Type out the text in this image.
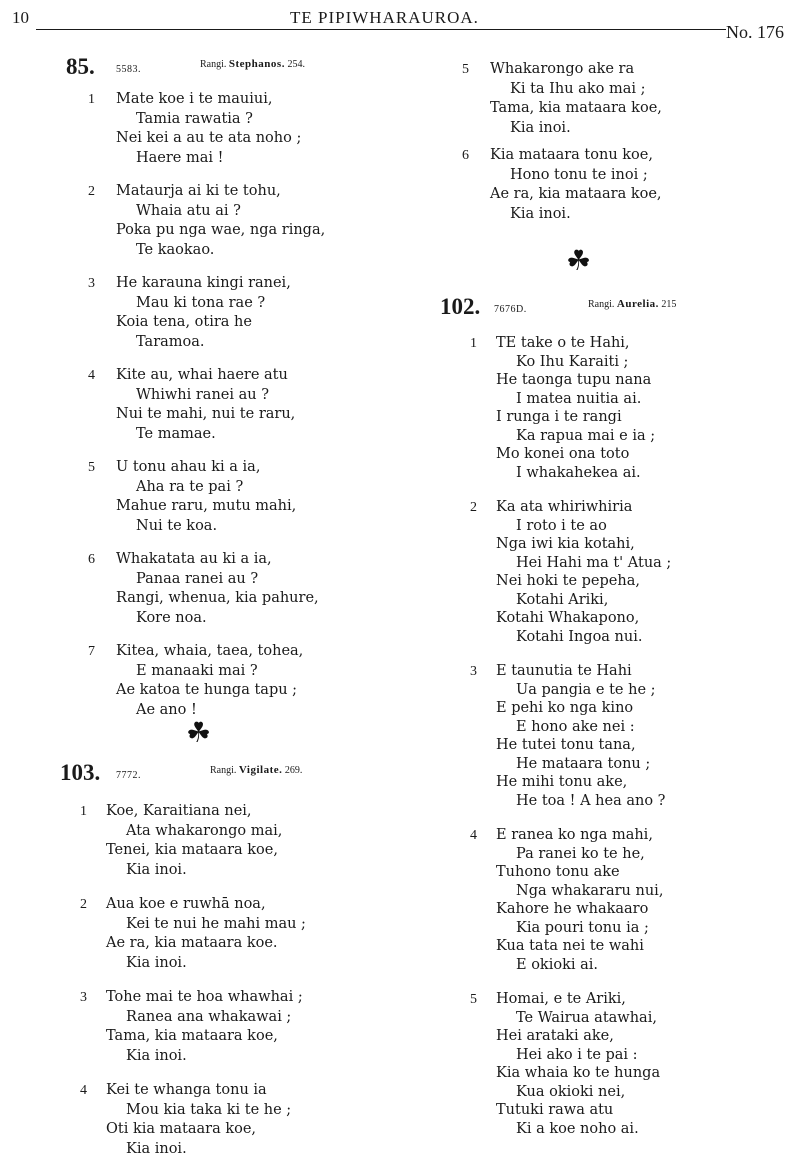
10	TE PIPIWHARAUROA.
No. 176
85. 5583.	Rangi. Stephanos. 254.
1 Mate koe i te mauiui,
Tamia rawatia ?
Nei kei a au te ata noho ;
Haere mai !
2 Mataurja ai ki te tohu,
Whaia atu ai ?
Poka pu nga wae, nga ringa,
Te kaokao.
3 He karauna kingi ranei,
Mau ki tona rae ?
Koia tena, otira he
Taramoa.
4 Kite au, whai haere atu
Whiwhi ranei au ?
Nui te mahi, nui te raru,
Te mamae.
5 U tonu ahau ki a ia,
Aha ra te pai ?
Mahue raru, mutu mahi,
Nui te koa.
6 Whakatata au ki a ia,
Panaa ranei au ?
Rangi, whenua, kia pahure,
Kore noa.
7 Kitea, whaia, taea, tohea,
E manaaki mai ?
Ae katoa te hunga tapu ;
Ae ano !
☘
103. 7772.	Rangi. Vigilate. 269.
1 Koe, Karaitiana nei,
Ata whakarongo mai,
Tenei, kia mataara koe,
Kia inoi.
2 Aua koe e ruwhā noa,
Kei te nui he mahi mau ;
Ae ra, kia mataara koe.
Kia inoi.
3 Tohe mai te hoa whawhai ;
Ranea ana whakawai ;
Tama, kia mataara koe,
Kia inoi.
4 Kei te whanga tonu ia
Mou kia taka ki te he ;
Oti kia mataara koe,
Kia inoi.
5 Whakarongo ake ra
Ki ta Ihu ako mai ;
Tama, kia mataara koe,
Kia inoi.
6 Kia mataara tonu koe,
Hono tonu te inoi ;
Ae ra, kia mataara koe,
Kia inoi.
☘
102. 7676D.	Rangi. Aurelia. 215
1 TE take o te Hahi,
Ko Ihu Karaiti ;
He taonga tupu nana
I matea nuitia ai.
I runga i te rangi
Ka rapua mai e ia ;
Mo konei ona toto
I whakahekea ai.
2 Ka ata whiriwhiria
I roto i te ao
Nga iwi kia kotahi,
Hei Hahi ma t' Atua ;
Nei hoki te pepeha,
Kotahi Ariki,
Kotahi Whakapono,
Kotahi Ingoa nui.
3 E taunutia te Hahi
Ua pangia e te he ;
E pehi ko nga kino
E hono ake nei :
He tutei tonu tana,
He mataara tonu ;
He mihi tonu ake,
He toa ! A hea ano ?
4 E ranea ko nga mahi,
Pa ranei ko te he,
Tuhono tonu ake
Nga whakararu nui,
Kahore he whakaaro
Kia pouri tonu ia ;
Kua tata nei te wahi
E okioki ai.
5 Homai, e te Ariki,
Te Wairua atawhai,
Hei arataki ake,
Hei ako i te pai :
Kia whaia ko te hunga
Kua okioki nei,
Tutuki rawa atu
Ki a koe noho ai.
